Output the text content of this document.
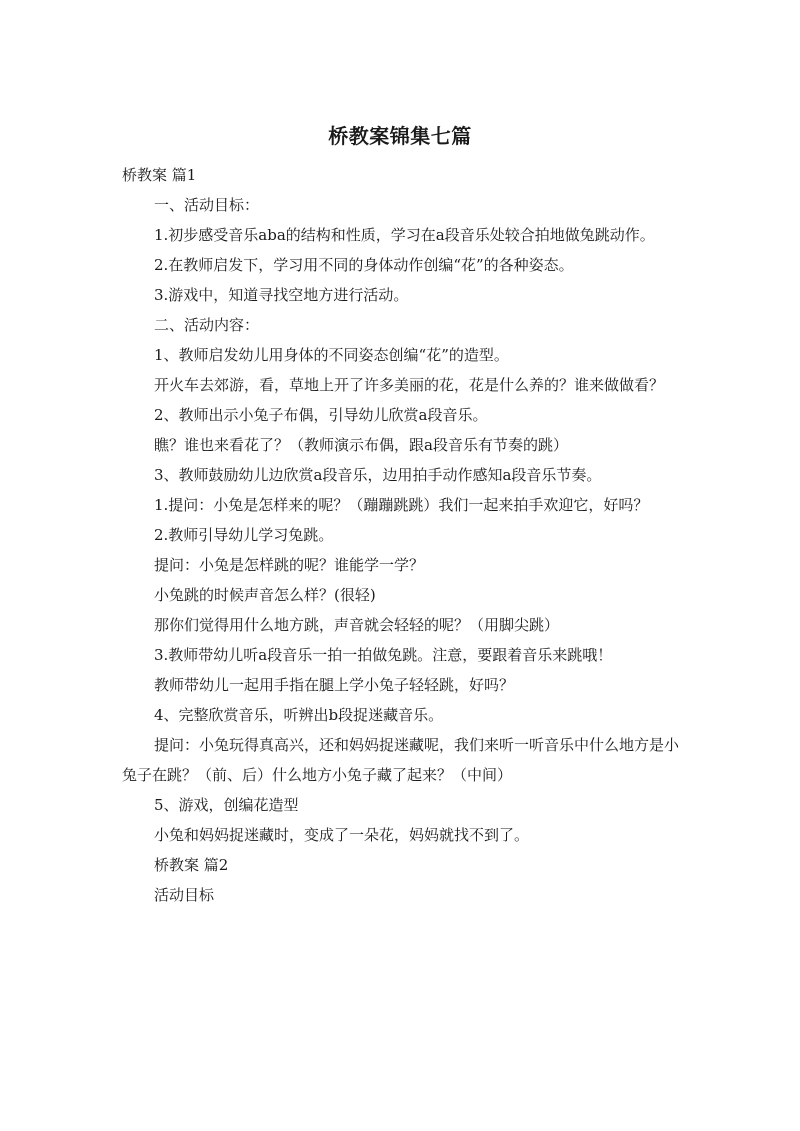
桥教案锦集七篇

桥教案 篇1

一、活动目标：

1.初步感受音乐aba的结构和性质，学习在a段音乐处较合拍地做兔跳动作。

2.在教师启发下，学习用不同的身体动作创编“花”的各种姿态。

3.游戏中，知道寻找空地方进行活动。

二、活动内容：

1、教师启发幼儿用身体的不同姿态创编“花”的造型。

开火车去郊游，看，草地上开了许多美丽的花，花是什么养的？谁来做做看？

2、教师出示小兔子布偶，引导幼儿欣赏a段音乐。

瞧？谁也来看花了？（教师演示布偶，跟a段音乐有节奏的跳）

3、教师鼓励幼儿边欣赏a段音乐，边用拍手动作感知a段音乐节奏。

1.提问：小兔是怎样来的呢？（蹦蹦跳跳）我们一起来拍手欢迎它，好吗？

2.教师引导幼儿学习兔跳。

提问：小兔是怎样跳的呢？谁能学一学？

小兔跳的时候声音怎么样？(很轻)

那你们觉得用什么地方跳，声音就会轻轻的呢？（用脚尖跳）

3.教师带幼儿听a段音乐一拍一拍做兔跳。注意，要跟着音乐来跳哦！

教师带幼儿一起用手指在腿上学小兔子轻轻跳，好吗？

4、完整欣赏音乐，听辨出b段捉迷藏音乐。

提问：小兔玩得真高兴，还和妈妈捉迷藏呢，我们来听一听音乐中什么地方是小兔子在跳？（前、后）什么地方小兔子藏了起来？（中间）

5、游戏，创编花造型

小兔和妈妈捉迷藏时，变成了一朵花，妈妈就找不到了。

桥教案 篇2

活动目标
